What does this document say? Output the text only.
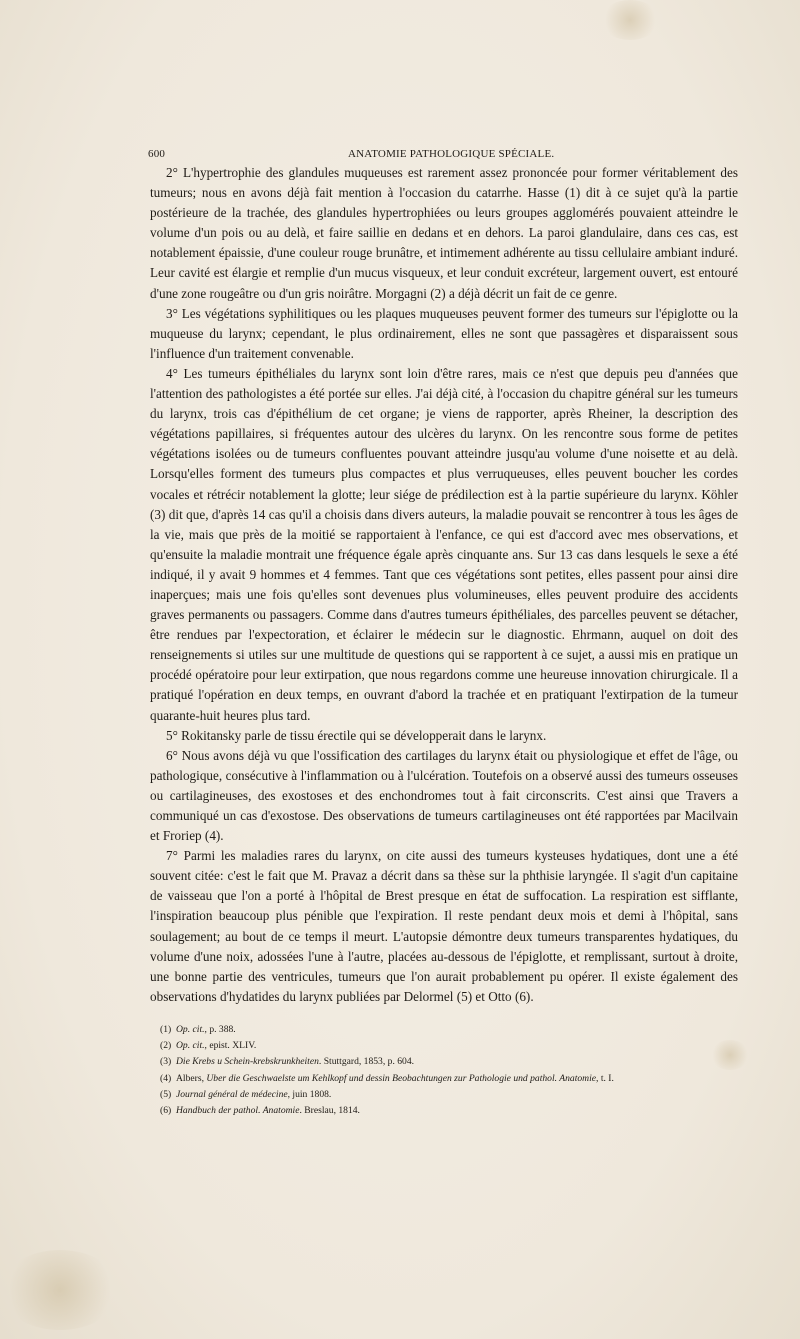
600	ANATOMIE PATHOLOGIQUE SPÉCIALE.

2° L'hypertrophie des glandules muqueuses est rarement assez prononcée pour former véritablement des tumeurs; nous en avons déjà fait mention à l'occasion du catarrhe. Hasse (1) dit à ce sujet qu'à la partie postérieure de la trachée, des glandules hypertrophiées ou leurs groupes agglomérés pouvaient atteindre le volume d'un pois ou au delà, et faire saillie en dedans et en dehors. La paroi glandulaire, dans ces cas, est notablement épaissie, d'une couleur rouge brunâtre, et intimement adhérente au tissu cellulaire ambiant induré. Leur cavité est élargie et remplie d'un mucus visqueux, et leur conduit excréteur, largement ouvert, est entouré d'une zone rougeâtre ou d'un gris noirâtre. Morgagni (2) a déjà décrit un fait de ce genre.

3° Les végétations syphilitiques ou les plaques muqueuses peuvent former des tumeurs sur l'épiglotte ou la muqueuse du larynx; cependant, le plus ordinairement, elles ne sont que passagères et disparaissent sous l'influence d'un traitement convenable.

4° Les tumeurs épithéliales du larynx sont loin d'être rares, mais ce n'est que depuis peu d'années que l'attention des pathologistes a été portée sur elles. J'ai déjà cité, à l'occasion du chapitre général sur les tumeurs du larynx, trois cas d'épithélium de cet organe; je viens de rapporter, après Rheiner, la description des végétations papillaires, si fréquentes autour des ulcères du larynx. On les rencontre sous forme de petites végétations isolées ou de tumeurs confluentes pouvant atteindre jusqu'au volume d'une noisette et au delà. Lorsqu'elles forment des tumeurs plus compactes et plus verruqueuses, elles peuvent boucher les cordes vocales et rétrécir notablement la glotte; leur siége de prédilection est à la partie supérieure du larynx. Köhler (3) dit que, d'après 14 cas qu'il a choisis dans divers auteurs, la maladie pouvait se rencontrer à tous les âges de la vie, mais que près de la moitié se rapportaient à l'enfance, ce qui est d'accord avec mes observations, et qu'ensuite la maladie montrait une fréquence égale après cinquante ans. Sur 13 cas dans lesquels le sexe a été indiqué, il y avait 9 hommes et 4 femmes. Tant que ces végétations sont petites, elles passent pour ainsi dire inaperçues; mais une fois qu'elles sont devenues plus volumineuses, elles peuvent produire des accidents graves permanents ou passagers. Comme dans d'autres tumeurs épithéliales, des parcelles peuvent se détacher, être rendues par l'expectoration, et éclairer le médecin sur le diagnostic. Ehrmann, auquel on doit des renseignements si utiles sur une multitude de questions qui se rapportent à ce sujet, a aussi mis en pratique un procédé opératoire pour leur extirpation, que nous regardons comme une heureuse innovation chirurgicale. Il a pratiqué l'opération en deux temps, en ouvrant d'abord la trachée et en pratiquant l'extirpation de la tumeur quarante-huit heures plus tard.

5° Rokitansky parle de tissu érectile qui se développerait dans le larynx.

6° Nous avons déjà vu que l'ossification des cartilages du larynx était ou physiologique et effet de l'âge, ou pathologique, consécutive à l'inflammation ou à l'ulcération. Toutefois on a observé aussi des tumeurs osseuses ou cartilagineuses, des exostoses et des enchondromes tout à fait circonscrits. C'est ainsi que Travers a communiqué un cas d'exostose. Des observations de tumeurs cartilagineuses ont été rapportées par Macilvain et Froriep (4).

7° Parmi les maladies rares du larynx, on cite aussi des tumeurs kysteuses hydatiques, dont une a été souvent citée: c'est le fait que M. Pravaz a décrit dans sa thèse sur la phthisie laryngée. Il s'agit d'un capitaine de vaisseau que l'on a porté à l'hôpital de Brest presque en état de suffocation. La respiration est sifflante, l'inspiration beaucoup plus pénible que l'expiration. Il reste pendant deux mois et demi à l'hôpital, sans soulagement; au bout de ce temps il meurt. L'autopsie démontre deux tumeurs transparentes hydatiques, du volume d'une noix, adossées l'une à l'autre, placées au-dessous de l'épiglotte, et remplissant, surtout à droite, une bonne partie des ventricules, tumeurs que l'on aurait probablement pu opérer. Il existe également des observations d'hydatides du larynx publiées par Delormel (5) et Otto (6).

(1) Op. cit., p. 388.
(2) Op. cit., epist. XLIV.
(3) Die Krebs u Schein-krebskrunkheiten. Stuttgard, 1853, p. 604.
(4) Albers, Uber die Geschwaelste um Kehlkopf und dessin Beobachtungen zur Pathologie und pathol. Anatomie, t. I.
(5) Journal général de médecine, juin 1808.
(6) Handbuch der pathol. Anatomie. Breslau, 1814.
